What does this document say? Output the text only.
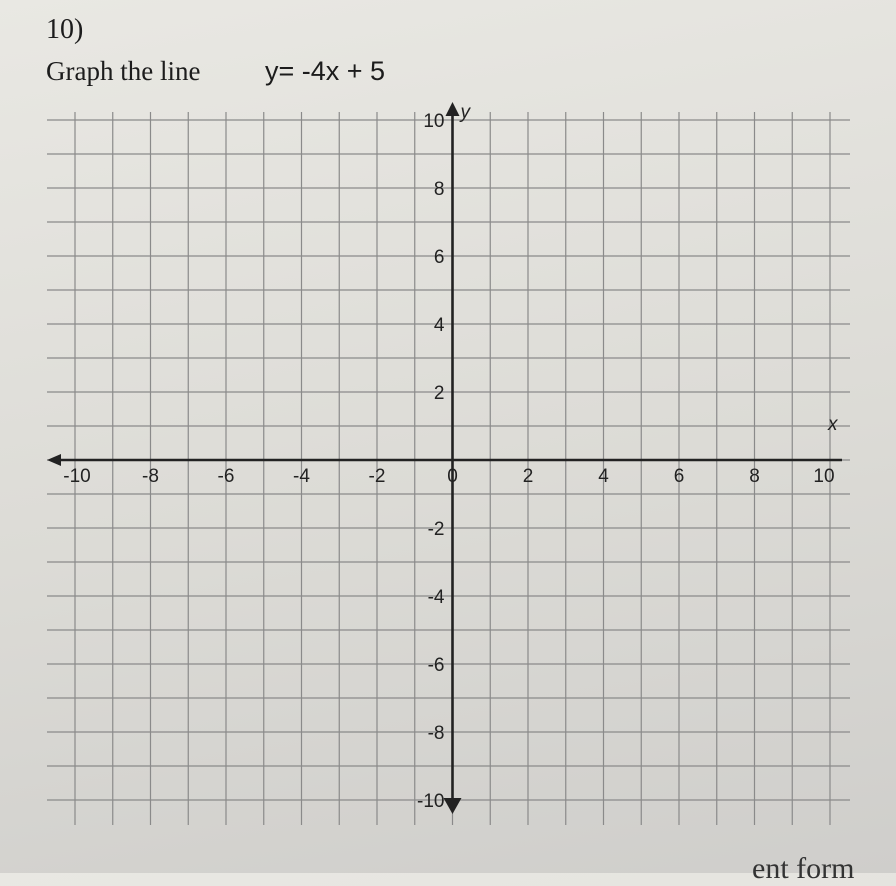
10)
Graph the line y= -4x + 5
-10	-8	-6	-4	-2	0	2	4	6	8	10
10
8
6
4
2
-2
-4
-6
-8
-10
y
x
ent form
